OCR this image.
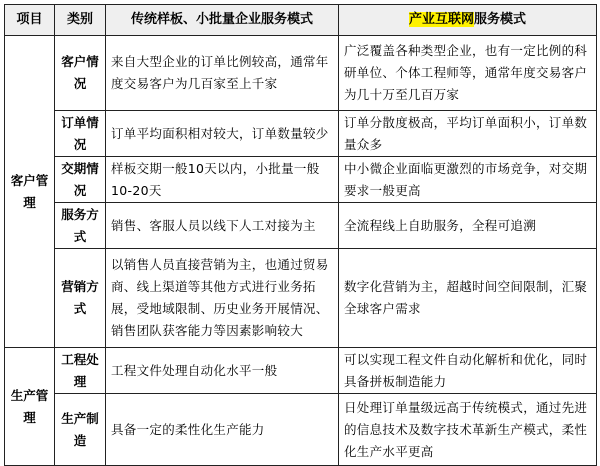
项目	类别	传统样板、小批量企业服务模式	产业互联网服务模式
客户管理	客户情况	来自大型企业的订单比例较高，通常年度交易客户为几百家至上千家	广泛覆盖各种类型企业，也有一定比例的科研单位、个体工程师等，通常年度交易客户为几十万至几百万家
	订单情况	订单平均面积相对较大，订单数量较少	订单分散度极高，平均订单面积小，订单数量众多
	交期情况	样板交期一般10天以内，小批量一般10-20天	中小微企业面临更激烈的市场竞争，对交期要求一般更高
	服务方式	销售、客服人员以线下人工对接为主	全流程线上自助服务，全程可追溯
	营销方式	以销售人员直接营销为主，也通过贸易商、线上渠道等其他方式进行业务拓展，受地域限制、历史业务开展情况、销售团队获客能力等因素影响较大	数字化营销为主，超越时间空间限制，汇聚全球客户需求
生产管理	工程处理	工程文件处理自动化水平一般	可以实现工程文件自动化解析和优化，同时具备拼板制造能力
	生产制造	具备一定的柔性化生产能力	日处理订单量级远高于传统模式，通过先进的信息技术及数字技术革新生产模式，柔性化生产水平更高
